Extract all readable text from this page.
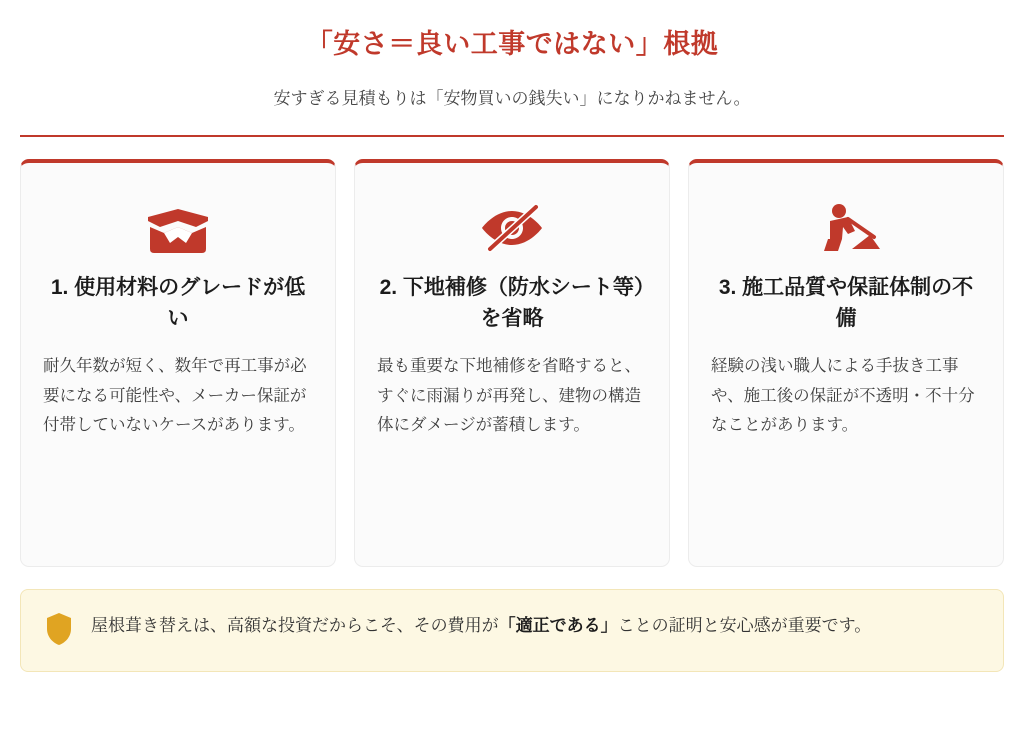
「安さ＝良い工事ではない」根拠

安すぎる見積もりは「安物買いの銭失い」になりかねません。

1. 使用材料のグレードが低い
耐久年数が短く、数年で再工事が必要になる可能性や、メーカー保証が付帯していないケースがあります。
2. 下地補修（防水シート等）を省略
最も重要な下地補修を省略すると、すぐに雨漏りが再発し、建物の構造体にダメージが蓄積します。
3. 施工品質や保証体制の不備
経験の浅い職人による手抜き工事や、施工後の保証が不透明・不十分なことがあります。
屋根葺き替えは、高額な投資だからこそ、その費用が「適正である」ことの証明と安心感が重要です。
